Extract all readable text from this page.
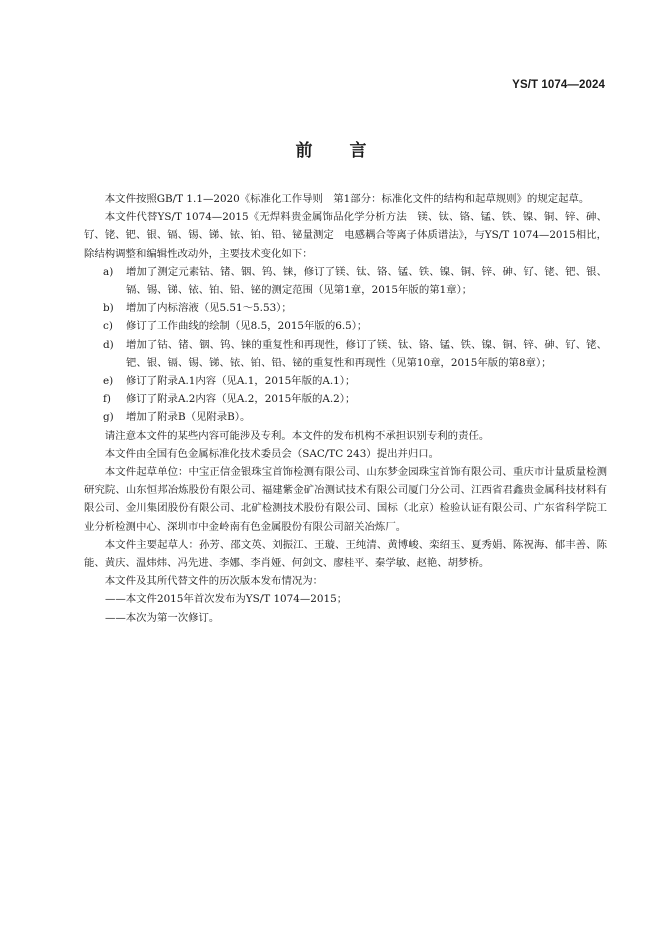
YS/T 1074—2024
前 言

本文件按照GB/T 1.1—2020《标准化工作导则　第1部分：标准化文件的结构和起草规则》的规定起草。

本文件代替YS/T 1074—2015《无焊料贵金属饰品化学分析方法　镁、钛、铬、锰、铁、镍、铜、锌、砷、钌、铑、钯、银、镉、锡、锑、铱、铂、铅、铋量测定　电感耦合等离子体质谱法》，与YS/T 1074—2015相比，除结构调整和编辑性改动外，主要技术变化如下：

a) 增加了测定元素钴、锗、铟、钨、铼，修订了镁、钛、铬、锰、铁、镍、铜、锌、砷、钌、铑、钯、银、镉、锡、锑、铱、铂、铅、铋的测定范围（见第1章，2015年版的第1章）；

b) 增加了内标溶液（见5.51～5.53）；

c) 修订了工作曲线的绘制（见8.5，2015年版的6.5）；

d) 增加了钴、锗、铟、钨、铼的重复性和再现性，修订了镁、钛、铬、锰、铁、镍、铜、锌、砷、钌、铑、钯、银、镉、锡、锑、铱、铂、铅、铋的重复性和再现性（见第10章，2015年版的第8章）；

e) 修订了附录A.1内容（见A.1，2015年版的A.1）；

f) 修订了附录A.2内容（见A.2，2015年版的A.2）；

g) 增加了附录B（见附录B）。

请注意本文件的某些内容可能涉及专利。本文件的发布机构不承担识别专利的责任。

本文件由全国有色金属标准化技术委员会（SAC/TC 243）提出并归口。

本文件起草单位：中宝正信金银珠宝首饰检测有限公司、山东梦金园珠宝首饰有限公司、重庆市计量质量检测研究院、山东恒邦冶炼股份有限公司、福建紫金矿冶测试技术有限公司厦门分公司、江西省君鑫贵金属科技材料有限公司、金川集团股份有限公司、北矿检测技术股份有限公司、国标（北京）检验认证有限公司、广东省科学院工业分析检测中心、深圳市中金岭南有色金属股份有限公司韶关冶炼厂。

本文件主要起草人：孙芳、邵文英、刘振江、王璇、王纯清、黄博峻、栾绍玉、夏秀娟、陈祝海、郁丰善、陈能、黄庆、温炜炜、冯先进、李娜、李肖娅、何剑文、廖桂平、秦学敏、赵艳、胡梦桥。

本文件及其所代替文件的历次版本发布情况为：

——本文件2015年首次发布为YS/T 1074—2015；

——本次为第一次修订。
